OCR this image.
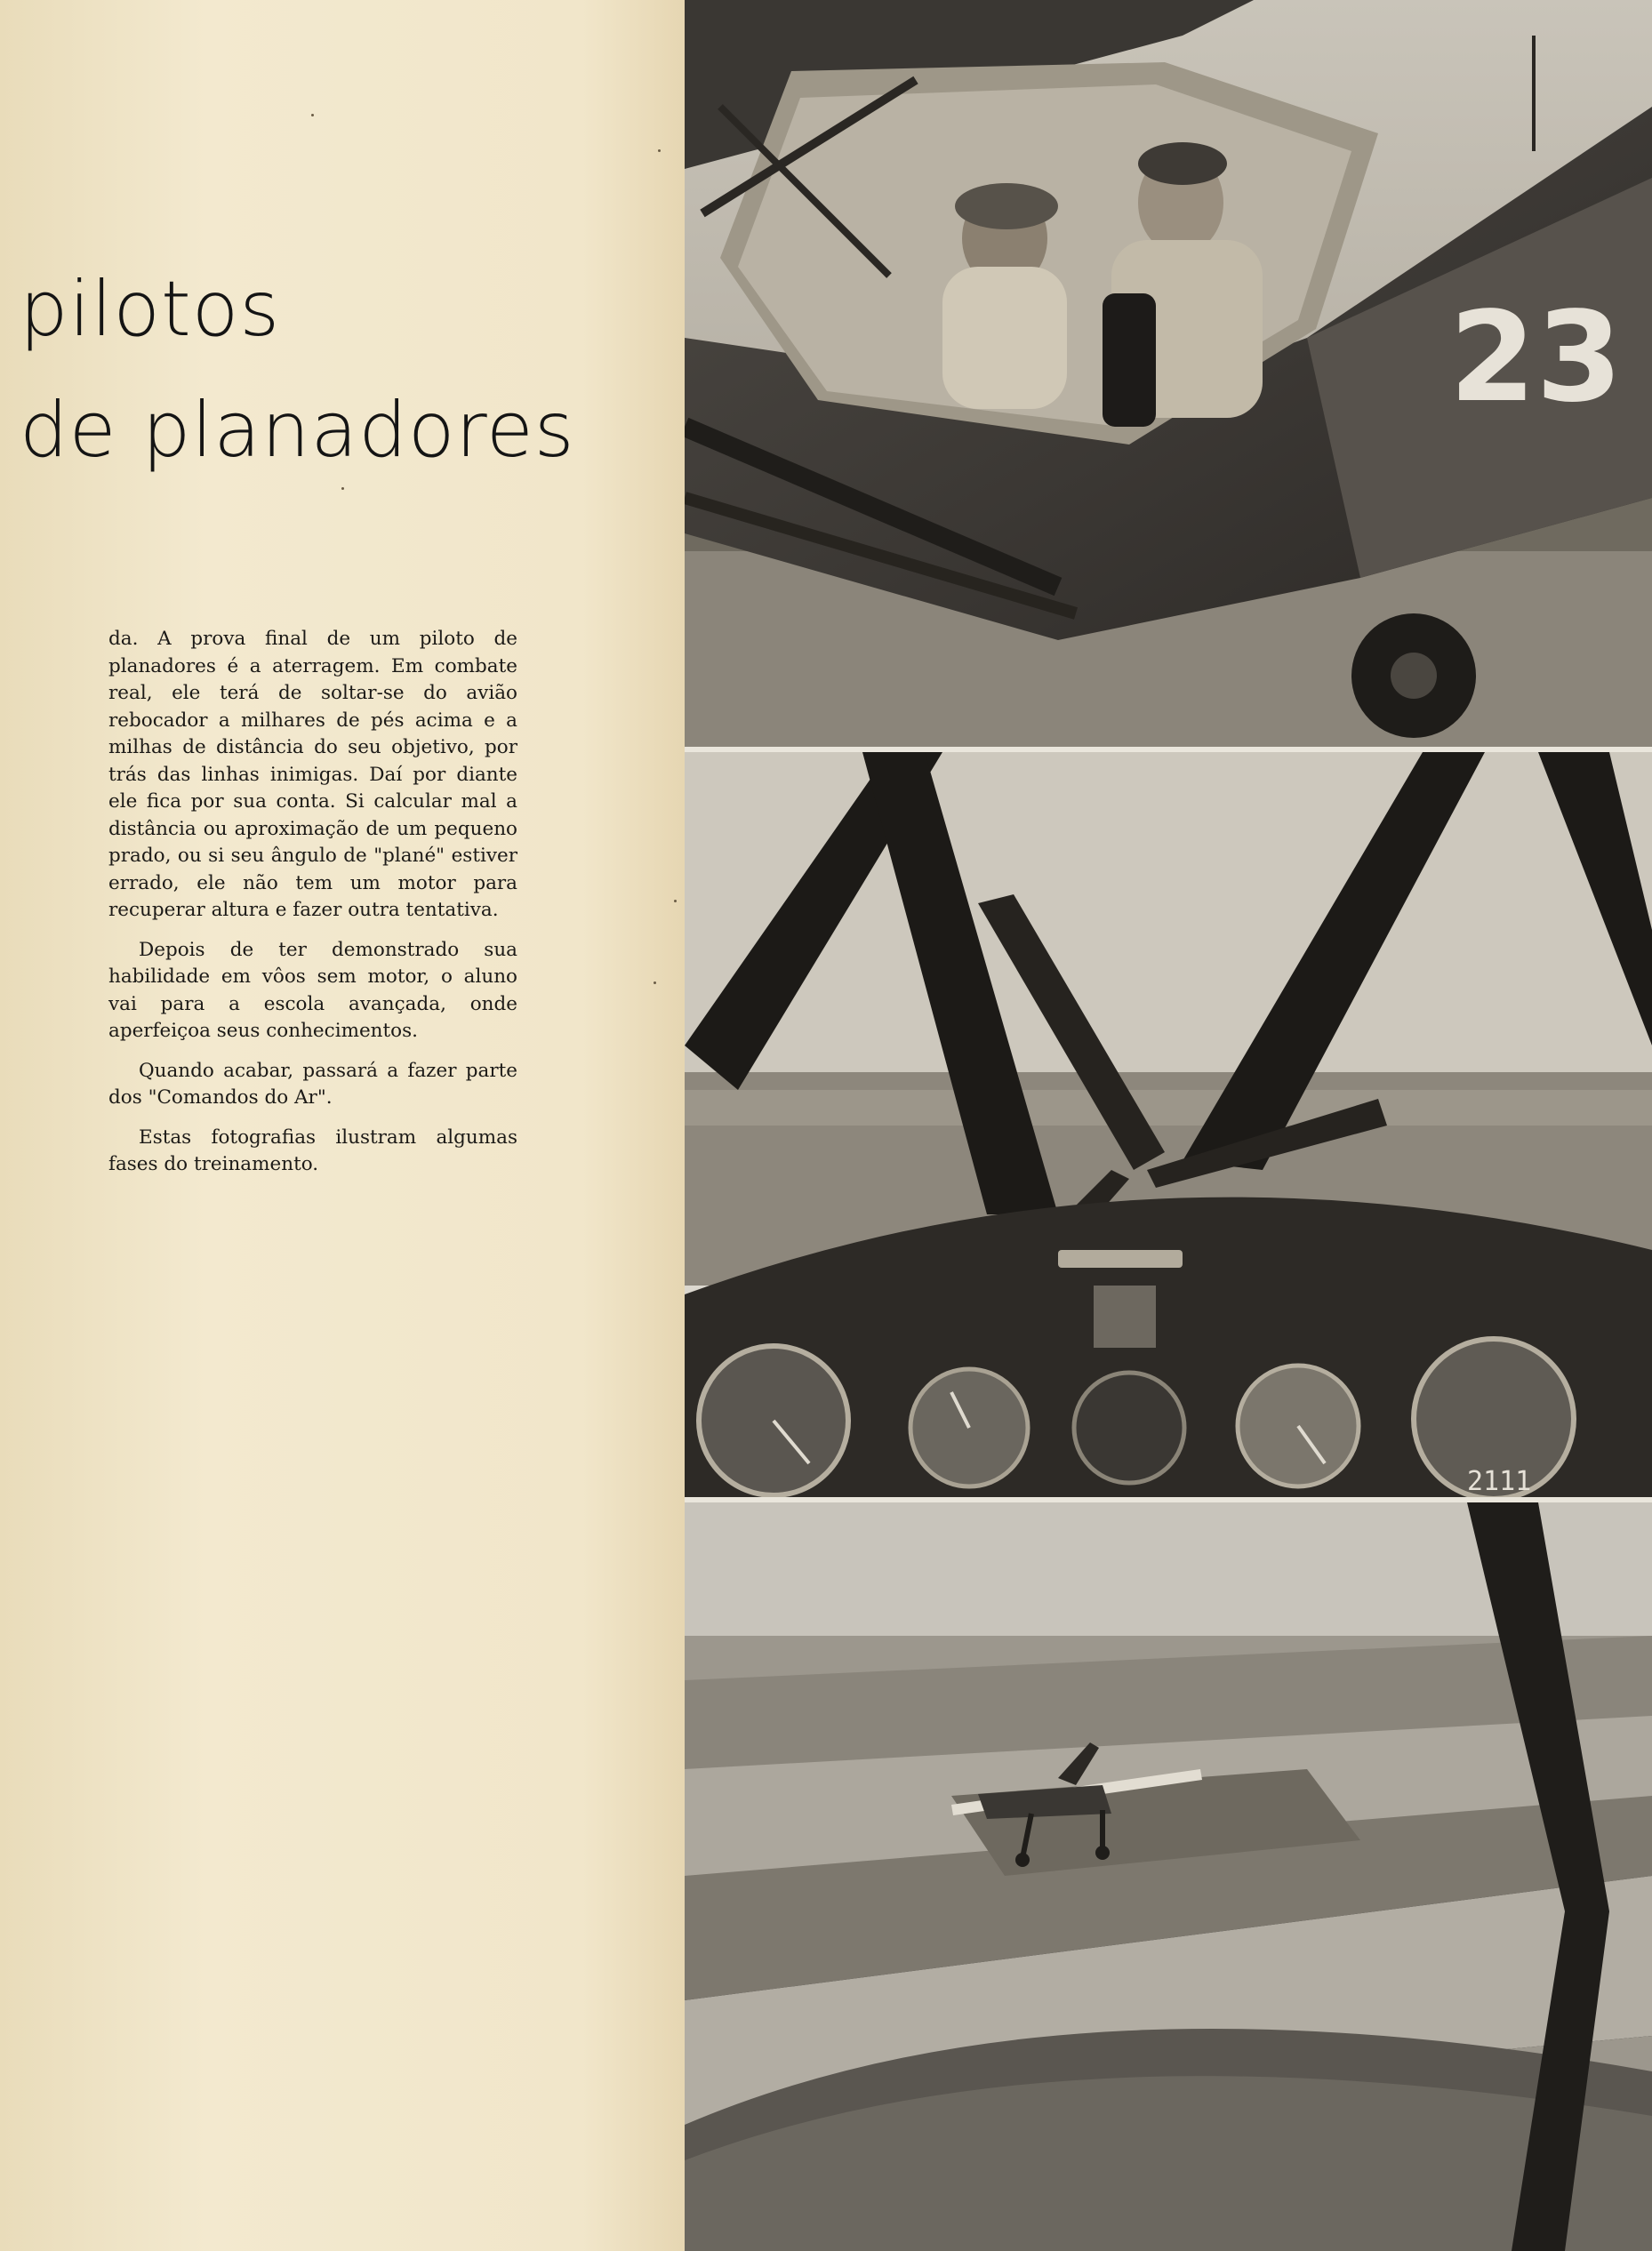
pilotos
de planadores

da. A prova final de um piloto de planadores é a aterragem. Em combate real, ele terá de soltar-se do avião rebocador a milhares de pés acima e a milhas de distância do seu objetivo, por trás das linhas inimigas. Daí por diante ele fica por sua conta. Si calcular mal a distância ou aproximação de um pequeno prado, ou si seu ângulo de "plané" estiver errado, ele não tem um motor para recuperar altura e fazer outra tentativa.

Depois de ter demonstrado sua habilidade em vôos sem motor, o aluno vai para a escola avançada, onde aperfeiçoa seus conhecimentos.

Quando acabar, passará a fazer parte dos "Comandos do Ar".

Estas fotografias ilustram algumas fases do treinamento.

23
2111
